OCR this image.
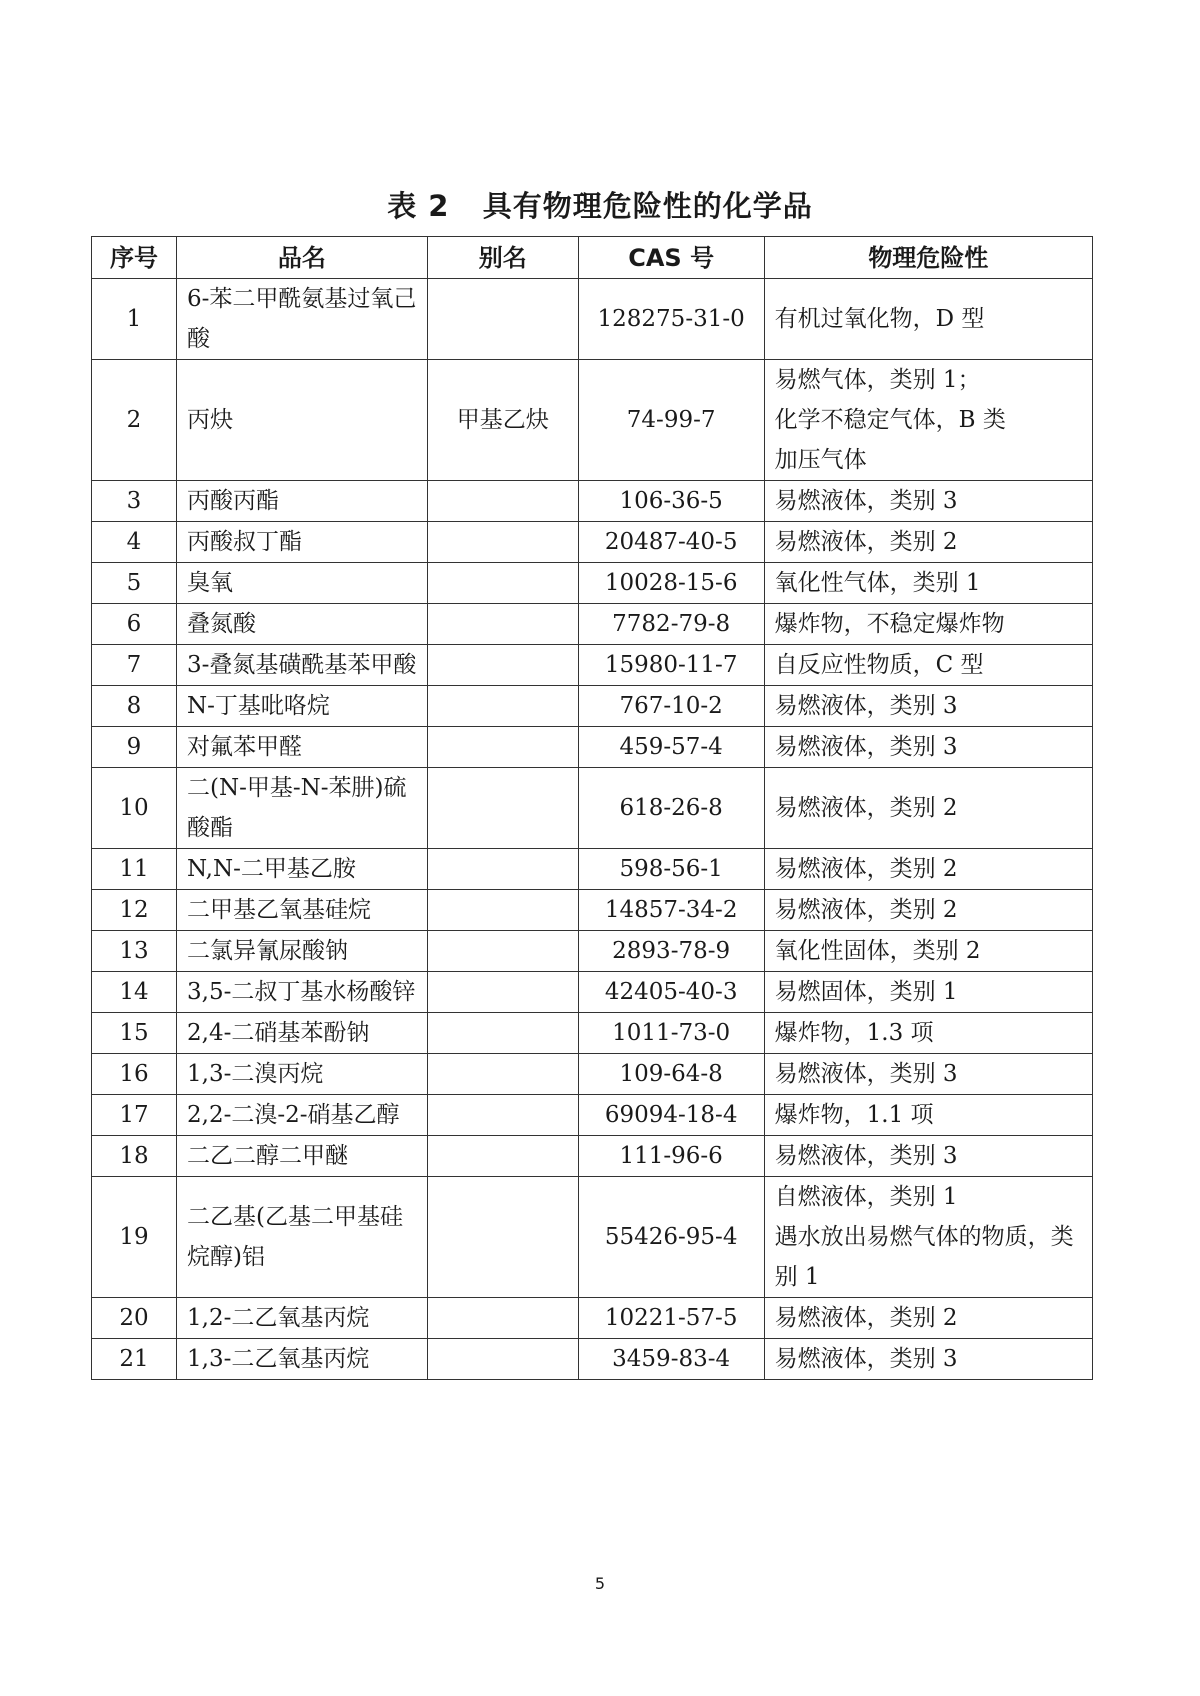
表 2   具有物理危险性的化学品
序号	品名	别名	CAS 号	物理危险性
1	6-苯二甲酰氨基过氧己酸		128275-31-0	有机过氧化物，D 型

2	丙炔	甲基乙炔	74-99-7	易燃气体，类别 1；
化学不稳定气体，B 类
加压气体

3	丙酸丙酯		106-36-5	易燃液体，类别 3

4	丙酸叔丁酯		20487-40-5	易燃液体，类别 2

5	臭氧		10028-15-6	氧化性气体，类别 1

6	叠氮酸		7782-79-8	爆炸物，不稳定爆炸物

7	3-叠氮基磺酰基苯甲酸		15980-11-7	自反应性物质，C 型

8	N-丁基吡咯烷		767-10-2	易燃液体，类别 3

9	对氟苯甲醛		459-57-4	易燃液体，类别 3

10	二(N-甲基-N-苯肼)硫酸酯		618-26-8	易燃液体，类别 2

11	N,N-二甲基乙胺		598-56-1	易燃液体，类别 2

12	二甲基乙氧基硅烷		14857-34-2	易燃液体，类别 2

13	二氯异氰尿酸钠		2893-78-9	氧化性固体，类别 2

14	3,5-二叔丁基水杨酸锌		42405-40-3	易燃固体，类别 1

15	2,4-二硝基苯酚钠		1011-73-0	爆炸物，1.3 项

16	1,3-二溴丙烷		109-64-8	易燃液体，类别 3

17	2,2-二溴-2-硝基乙醇		69094-18-4	爆炸物，1.1 项

18	二乙二醇二甲醚		111-96-6	易燃液体，类别 3

19	二乙基(乙基二甲基硅烷醇)铝		55426-95-4	自燃液体，类别 1
遇水放出易燃气体的物质，类别 1

20	1,2-二乙氧基丙烷		10221-57-5	易燃液体，类别 2

21	1,3-二乙氧基丙烷		3459-83-4	易燃液体，类别 3
5
